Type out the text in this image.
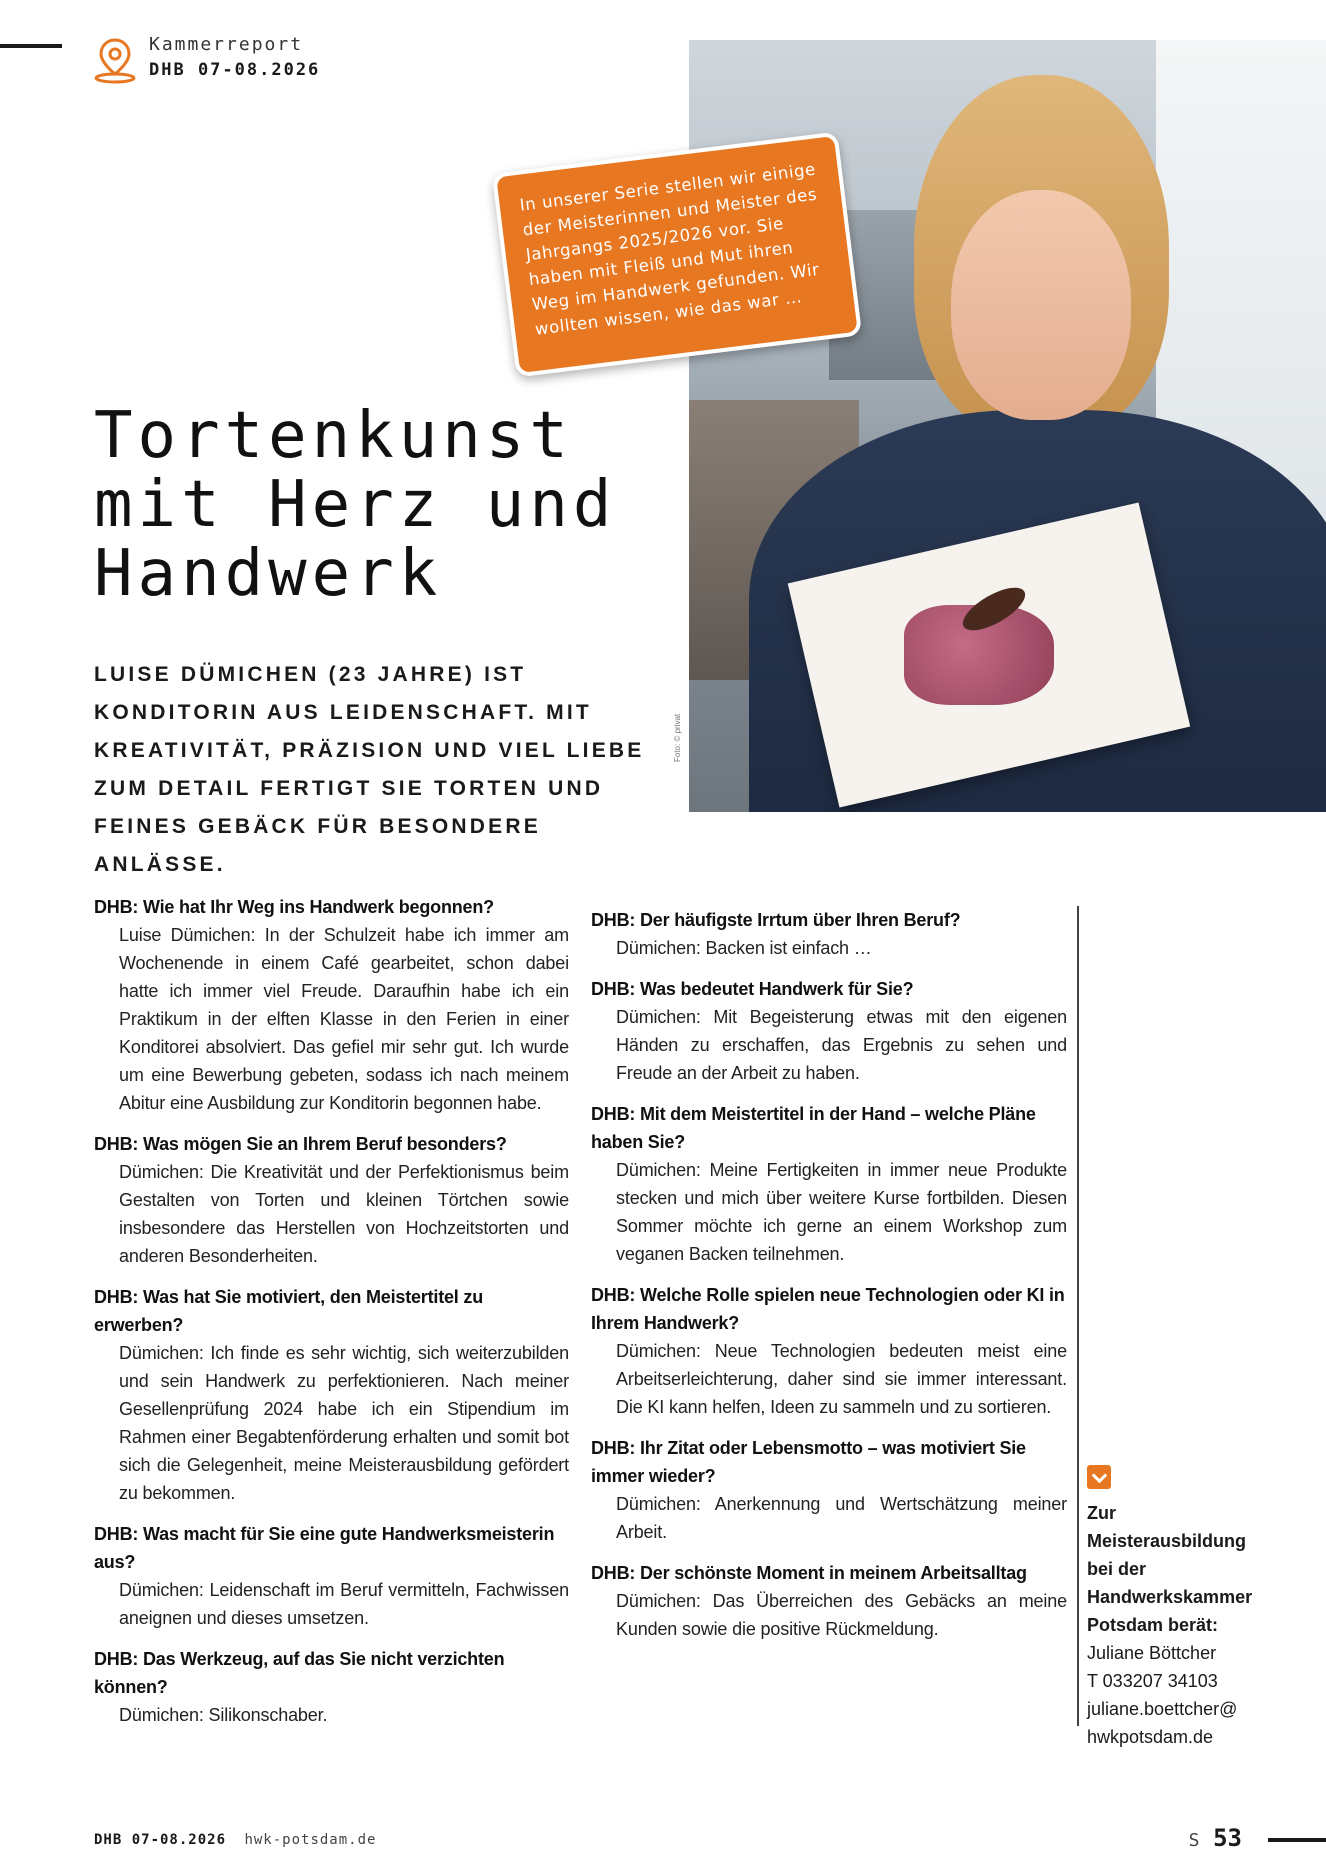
Kammerreport
DHB 07-08.2026
Foto: © privat
In unserer Serie stellen wir einige der Meisterinnen und Meister des Jahrgangs 2025/2026 vor. Sie haben mit Fleiß und Mut ihren Weg im Handwerk gefunden. Wir wollten wissen, wie das war …
Tortenkunst
mit Herz und
Handwerk
LUISE DÜMICHEN (23 JAHRE) IST KONDITORIN AUS LEIDENSCHAFT. MIT KREATIVITÄT, PRÄZISION UND VIEL LIEBE ZUM DETAIL FERTIGT SIE TORTEN UND FEINES GEBÄCK FÜR BESONDERE ANLÄSSE.
DHB: Wie hat Ihr Weg ins Handwerk begonnen?
Luise Dümichen: In der Schulzeit habe ich immer am Wochenende in einem Café gearbeitet, schon dabei hatte ich immer viel Freude. Daraufhin habe ich ein Praktikum in der elften Klasse in den Ferien in einer Konditorei absolviert. Das gefiel mir sehr gut. Ich wurde um eine Bewerbung gebeten, sodass ich nach meinem Abitur eine Ausbildung zur Konditorin begonnen habe.
DHB: Was mögen Sie an Ihrem Beruf besonders?
Dümichen: Die Kreativität und der Perfektionismus beim Gestalten von Torten und kleinen Törtchen sowie insbesondere das Herstellen von Hochzeitstorten und anderen Besonderheiten.
DHB: Was hat Sie motiviert, den Meistertitel zu erwerben?
Dümichen: Ich finde es sehr wichtig, sich weiterzubilden und sein Handwerk zu perfektionieren. Nach meiner Gesellenprüfung 2024 habe ich ein Stipendium im Rahmen einer Begabtenförderung erhalten und somit bot sich die Gelegenheit, meine Meisterausbildung gefördert zu bekommen.
DHB: Was macht für Sie eine gute Handwerksmeisterin aus?
Dümichen: Leidenschaft im Beruf vermitteln, Fachwissen aneignen und dieses umsetzen.
DHB: Das Werkzeug, auf das Sie nicht verzichten können?
Dümichen: Silikonschaber.
DHB: Der häufigste Irrtum über Ihren Beruf?
Dümichen: Backen ist einfach …
DHB: Was bedeutet Handwerk für Sie?
Dümichen: Mit Begeisterung etwas mit den eigenen Händen zu erschaffen, das Ergebnis zu sehen und Freude an der Arbeit zu haben.
DHB: Mit dem Meistertitel in der Hand – welche Pläne haben Sie?
Dümichen: Meine Fertigkeiten in immer neue Produkte stecken und mich über weitere Kurse fortbilden. Diesen Sommer möchte ich gerne an einem Workshop zum veganen Backen teilnehmen.
DHB: Welche Rolle spielen neue Technologien oder KI in Ihrem Handwerk?
Dümichen: Neue Technologien bedeuten meist eine Arbeitserleichterung, daher sind sie immer interessant. Die KI kann helfen, Ideen zu sammeln und zu sortieren.
DHB: Ihr Zitat oder Lebensmotto – was motiviert Sie immer wieder?
Dümichen: Anerkennung und Wertschätzung meiner Arbeit.
DHB: Der schönste Moment in meinem Arbeitsalltag
Dümichen: Das Überreichen des Gebäcks an meine Kunden sowie die positive Rückmeldung.
Zur Meisterausbildung bei der Handwerkskammer Potsdam berät:
Juliane Böttcher
T 033207 34103
juliane.boettcher@
hwkpotsdam.de
DHB 07-08.2026 hwk-potsdam.de	S 53
